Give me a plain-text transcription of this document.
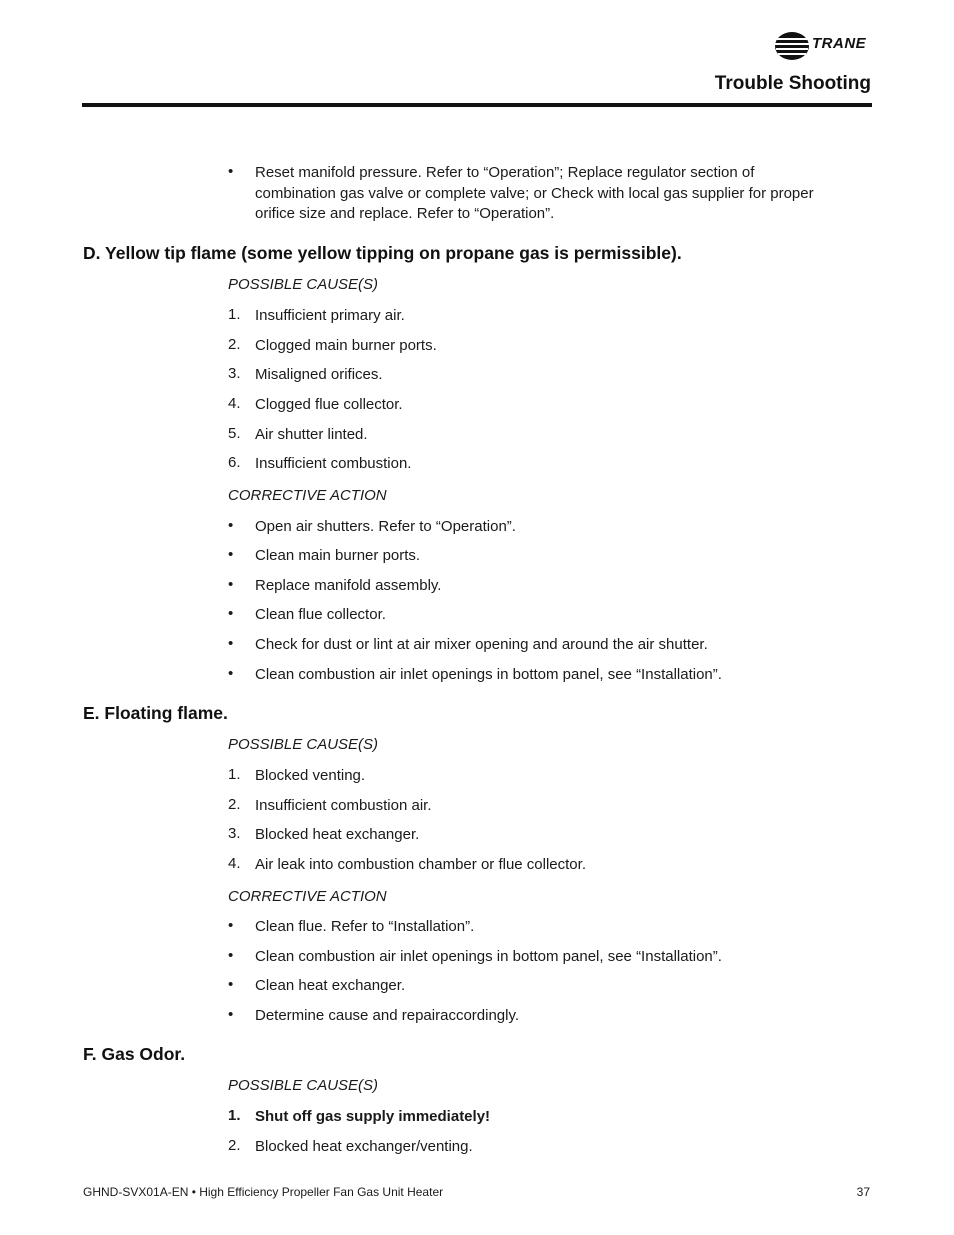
TRANE
Trouble Shooting
• Reset manifold pressure. Refer to “Operation”; Replace regulator section of combination gas valve or complete valve; or Check with local gas supplier for proper orifice size and replace. Refer to “Operation”.
D. Yellow tip flame (some yellow tipping on propane gas is permissible).
POSSIBLE CAUSE(S)
1. Insufficient primary air.
2. Clogged main burner ports.
3. Misaligned orifices.
4. Clogged flue collector.
5. Air shutter linted.
6. Insufficient combustion.
CORRECTIVE ACTION
• Open air shutters. Refer to “Operation”.
• Clean main burner ports.
• Replace manifold assembly.
• Clean flue collector.
• Check for dust or lint at air mixer opening and around the air shutter.
• Clean combustion air inlet openings in bottom panel, see “Installation”.
E. Floating flame.
POSSIBLE CAUSE(S)
1. Blocked venting.
2. Insufficient combustion air.
3. Blocked heat exchanger.
4. Air leak into combustion chamber or flue collector.
CORRECTIVE ACTION
• Clean flue. Refer to “Installation”.
• Clean combustion air inlet openings in bottom panel, see “Installation”.
• Clean heat exchanger.
• Determine cause and repairaccordingly.
F. Gas Odor.
POSSIBLE CAUSE(S)
1. Shut off gas supply immediately!
2. Blocked heat exchanger/venting.
GHND-SVX01A-EN • High Efficiency Propeller Fan Gas Unit Heater	37
